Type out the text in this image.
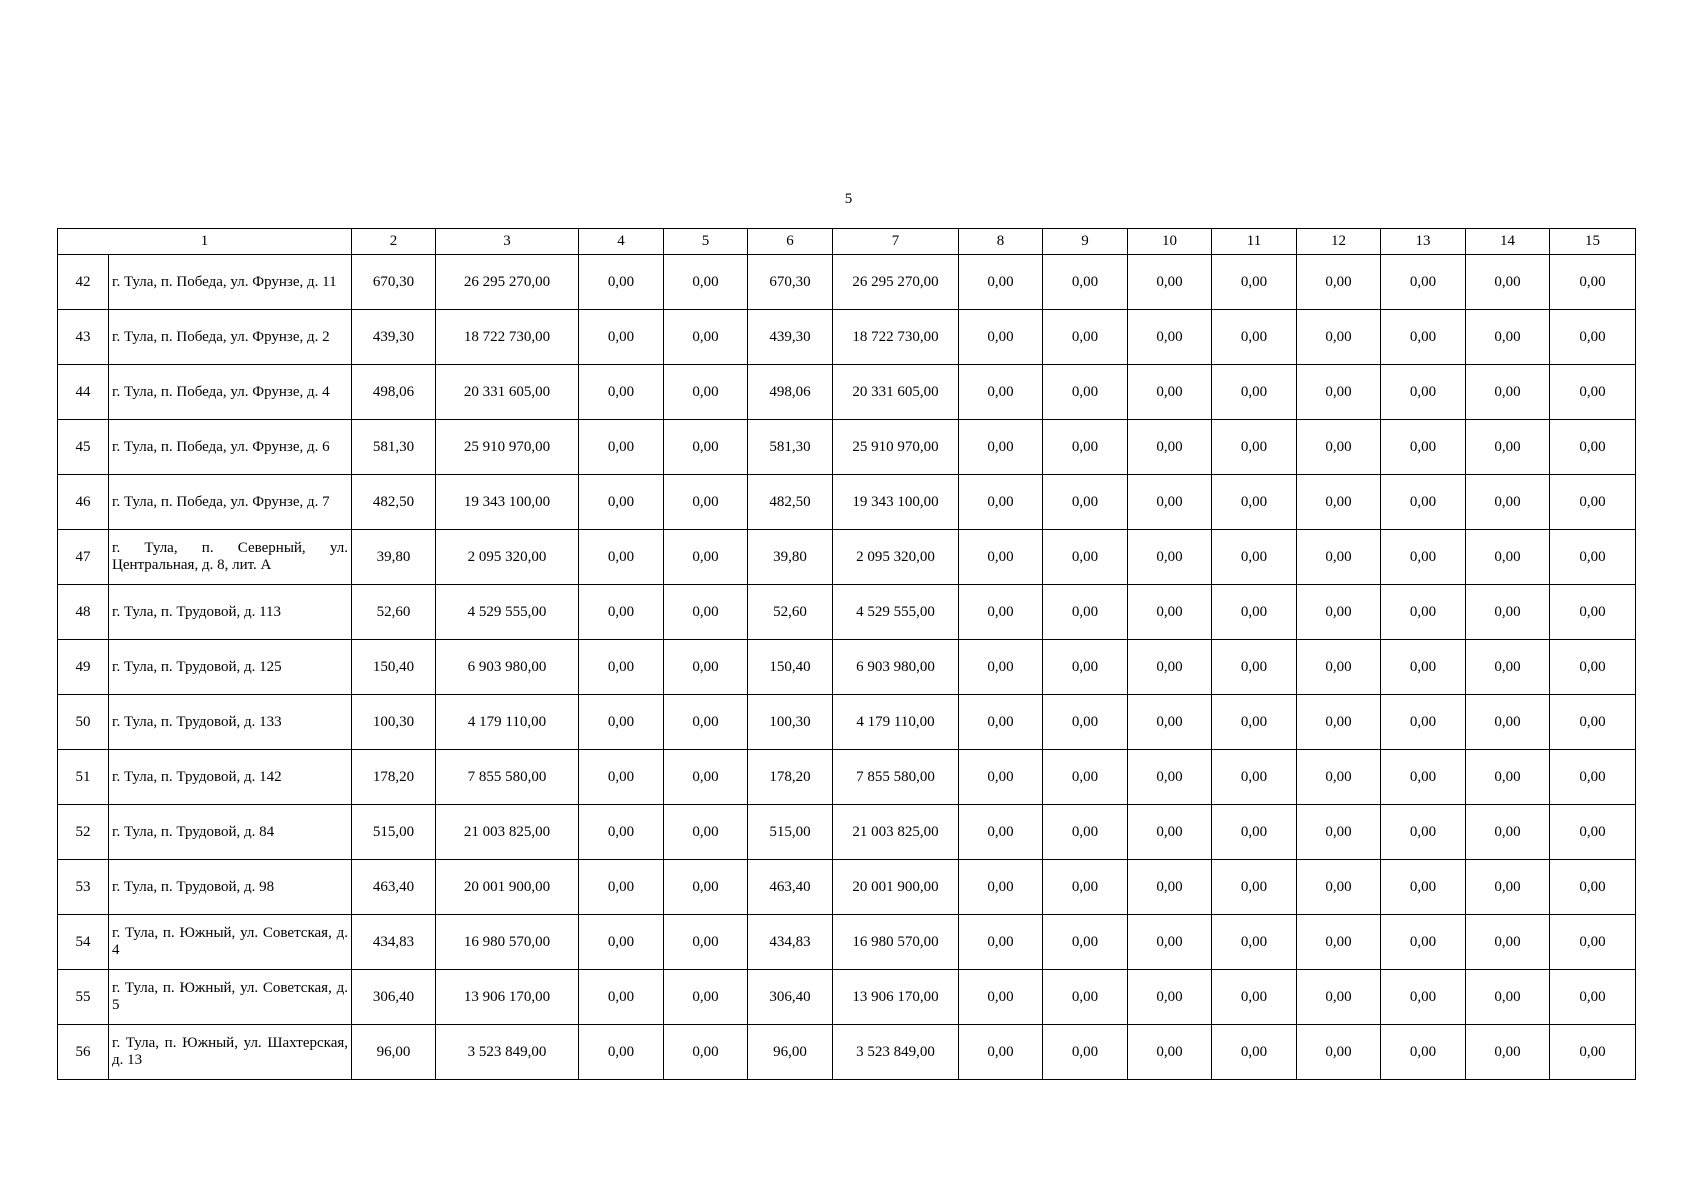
5
1		2	3	4	5	6	7	8	9	10	11	12	13	14	15
42	г. Тула, п. Победа, ул. Фрунзе, д. 11	670,30	26 295 270,00	0,00	0,00	670,30	26 295 270,00	0,00	0,00	0,00	0,00	0,00	0,00	0,00	0,00
43	г. Тула, п. Победа, ул. Фрунзе, д. 2	439,30	18 722 730,00	0,00	0,00	439,30	18 722 730,00	0,00	0,00	0,00	0,00	0,00	0,00	0,00	0,00
44	г. Тула, п. Победа, ул. Фрунзе, д. 4	498,06	20 331 605,00	0,00	0,00	498,06	20 331 605,00	0,00	0,00	0,00	0,00	0,00	0,00	0,00	0,00
45	г. Тула, п. Победа, ул. Фрунзе, д. 6	581,30	25 910 970,00	0,00	0,00	581,30	25 910 970,00	0,00	0,00	0,00	0,00	0,00	0,00	0,00	0,00
46	г. Тула, п. Победа, ул. Фрунзе, д. 7	482,50	19 343 100,00	0,00	0,00	482,50	19 343 100,00	0,00	0,00	0,00	0,00	0,00	0,00	0,00	0,00
47	г. Тула, п. Северный, ул. Центральная, д. 8, лит. А	39,80	2 095 320,00	0,00	0,00	39,80	2 095 320,00	0,00	0,00	0,00	0,00	0,00	0,00	0,00	0,00
48	г. Тула, п. Трудовой, д. 113	52,60	4 529 555,00	0,00	0,00	52,60	4 529 555,00	0,00	0,00	0,00	0,00	0,00	0,00	0,00	0,00
49	г. Тула, п. Трудовой, д. 125	150,40	6 903 980,00	0,00	0,00	150,40	6 903 980,00	0,00	0,00	0,00	0,00	0,00	0,00	0,00	0,00
50	г. Тула, п. Трудовой, д. 133	100,30	4 179 110,00	0,00	0,00	100,30	4 179 110,00	0,00	0,00	0,00	0,00	0,00	0,00	0,00	0,00
51	г. Тула, п. Трудовой, д. 142	178,20	7 855 580,00	0,00	0,00	178,20	7 855 580,00	0,00	0,00	0,00	0,00	0,00	0,00	0,00	0,00
52	г. Тула, п. Трудовой, д. 84	515,00	21 003 825,00	0,00	0,00	515,00	21 003 825,00	0,00	0,00	0,00	0,00	0,00	0,00	0,00	0,00
53	г. Тула, п. Трудовой, д. 98	463,40	20 001 900,00	0,00	0,00	463,40	20 001 900,00	0,00	0,00	0,00	0,00	0,00	0,00	0,00	0,00
54	г. Тула, п. Южный, ул. Советская, д. 4	434,83	16 980 570,00	0,00	0,00	434,83	16 980 570,00	0,00	0,00	0,00	0,00	0,00	0,00	0,00	0,00
55	г. Тула, п. Южный, ул. Советская, д. 5	306,40	13 906 170,00	0,00	0,00	306,40	13 906 170,00	0,00	0,00	0,00	0,00	0,00	0,00	0,00	0,00
56	г. Тула, п. Южный, ул. Шахтерская, д. 13	96,00	3 523 849,00	0,00	0,00	96,00	3 523 849,00	0,00	0,00	0,00	0,00	0,00	0,00	0,00	0,00
